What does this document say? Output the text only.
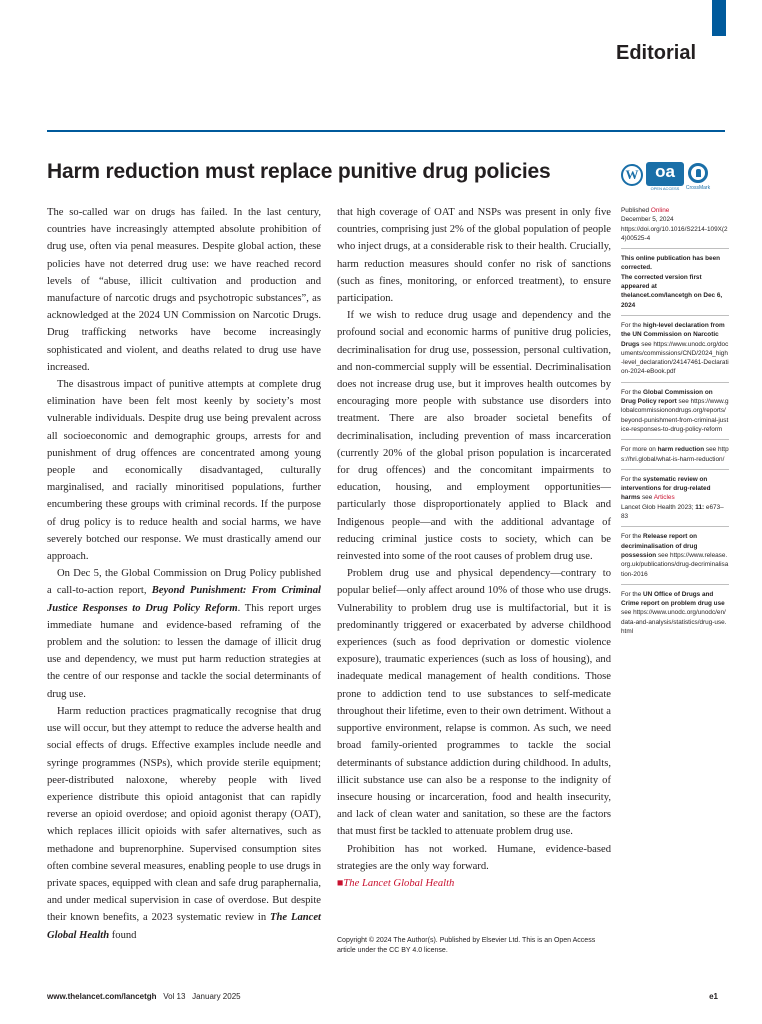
Editorial
Harm reduction must replace punitive drug policies	W oa
OPEN ACCESS	CrossMark

The so-called war on drugs has failed. In the last century, countries have increasingly attempted absolute prohibition of drug use, often via penal measures. Despite global action, these policies have not deterred drug use: we have reached record levels of “abuse, illicit cultivation and production and manufacture of narcotic drugs and psychotropic substances”, as acknowledged at the 2024 UN Commission on Narcotic Drugs. Drug trafficking networks have become increasingly sophisticated and violent, and deaths related to drug use have increased.

The disastrous impact of punitive attempts at complete drug elimination have been felt most keenly by society’s most vulnerable individuals. Despite drug use being prevalent across all socioeconomic and demographic groups, arrests for and punishment of drug offences are concentrated among young people and economically disadvantaged, culturally marginalised, and racially minoritised populations, further encumbering these groups with criminal records. If the purpose of drug policy is to reduce health and social harms, we have severely botched our response. We must drastically amend our approach.

On Dec 5, the Global Commission on Drug Policy published a call-to-action report, Beyond Punishment: From Criminal Justice Responses to Drug Policy Reform. This report urges immediate humane and evidence-based reframing of the problem and the solution: to lessen the damage of illicit drug use and dependency, we must put harm reduction strategies at the centre of our response and tackle the social determinants of drug use.

Harm reduction practices pragmatically recognise that drug use will occur, but they attempt to reduce the adverse health and social effects of drugs. Effective examples include needle and syringe programmes (NSPs), which provide sterile equipment; peer-distributed naloxone, whereby people with lived experience distribute this opioid antagonist that can rapidly reverse an opioid overdose; and opioid agonist therapy (OAT), which replaces illicit opioids with safer alternatives, such as methadone and buprenorphine. Supervised consumption sites often combine several measures, enabling people to use drugs in private spaces, equipped with clean and safe drug paraphernalia, and under medical supervision in case of overdose. But despite their known benefits, a 2023 systematic review in The Lancet Global Health found

that high coverage of OAT and NSPs was present in only five countries, comprising just 2% of the global population of people who inject drugs, at a considerable risk to their health. Crucially, harm reduction measures should confer no risk of sanctions (such as fines, monitoring, or enforced treatment), to ensure participation.

If we wish to reduce drug usage and dependency and the profound social and economic harms of punitive drug policies, decriminalisation for drug use, possession, personal cultivation, and non-commercial supply will be essential. Decriminalisation does not increase drug use, but it improves health outcomes by encouraging more people with substance use disorders into treatment. There are also broader societal benefits of decriminalisation, including prevention of mass incarceration (currently 20% of the global prison population is incarcerated for drug offences) and the concomitant impairments to education, housing, and employment opportunities—particularly those disproportionately applied to Black and Indigenous people—and with the additional advantage of reducing criminal justice costs to society, which can be reinvested into some of the root causes of problem drug use.

Problem drug use and physical dependency—contrary to popular belief—only affect around 10% of those who use drugs. Vulnerability to problem drug use is multifactorial, but it is predominantly triggered or exacerbated by adverse childhood experiences (such as food deprivation or domestic violence exposure), traumatic experiences (such as loss of housing), and inadequate medical management of health conditions. Those prone to addiction tend to use substances to self-medicate throughout their lifetime, even to their own detriment. Without a supportive environment, relapse is common. As such, we need broad family-oriented programmes to tackle the social determinants of substance addiction during childhood. In adults, illicit substance use can also be a response to the indignity of insecure housing or incarceration, food and health insecurity, and lack of clean water and sanitation, so these are the factors that must first be tackled to attenuate problem drug use.

Prohibition has not worked. Humane, evidence-based strategies are the only way forward.

■ The Lancet Global Health
Copyright © 2024 The Author(s). Published by Elsevier Ltd. This is an Open Access article under the CC BY 4.0 license.
Published Online
December 5, 2024
https://doi.org/10.1016/S2214-109X(24)00525-4
This online publication has been corrected.
The corrected version first appeared at thelancet.com/lancetgh on Dec 6, 2024
For the high-level declaration from the UN Commission on Narcotic Drugs see https://www.unodc.org/documents/commissions/CND/2024_high-level_declaration/24147461-Declaration-2024-eBook.pdf
For the Global Commission on Drug Policy report see https://www.globalcommissionondrugs.org/reports/beyond-punishment-from-criminal-justice-responses-to-drug-policy-reform
For more on harm reduction see https://hri.global/what-is-harm-reduction/
For the systematic review on interventions for drug-related harms see Articles
Lancet Glob Health 2023; 11: e673–83
For the Release report on decriminalisation of drug possession see https://www.release.org.uk/publications/drug-decriminalisation-2016
For the UN Office of Drugs and Crime report on problem drug use see https://www.unodc.org/unodc/en/data-and-analysis/statistics/drug-use.html
www.thelancet.com/lancetgh Vol 13 January 2025	e1
